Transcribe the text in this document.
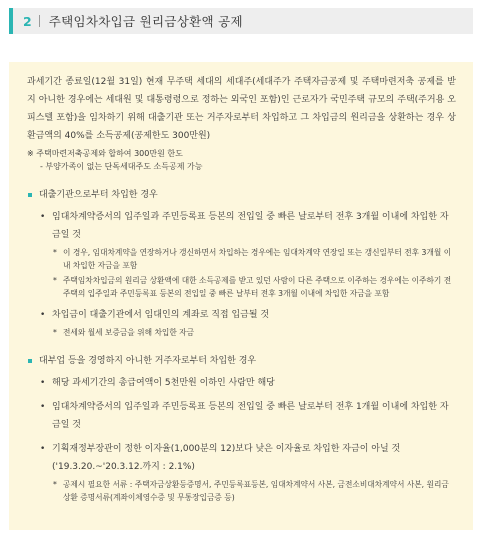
2 주택임차차입금 원리금상환액 공제

과세기간 종료일(12월 31일) 현재 무주택 세대의 세대주(세대주가 주택자금공제 및 주택마련저축 공제를 받지 아니한 경우에는 세대원 및 대통령령으로 정하는 외국인 포함)인 근로자가 국민주택 규모의 주택(주거용 오피스텔 포함)을 임차하기 위해 대출기관 또는 거주자로부터 차입하고 그 차입금의 원리금을 상환하는 경우 상환금액의 40%를 소득공제(공제한도 300만원)

※ 주택마련저축공제와 합하여 300만원 한도
- 부양가족이 없는 단독세대주도 소득공제 가능
대출기관으로부터 차입한 경우
• 임대차계약증서의 입주일과 주민등록표 등본의 전입일 중 빠른 날로부터 전후 3개월 이내에 차입한 자금일 것
* 이 경우, 임대차계약을 연장하거나 갱신하면서 차입하는 경우에는 임대차계약 연장일 또는 갱신일부터 전후 3개월 이내 차입한 자금을 포함
* 주택임차차입금의 원리금 상환액에 대한 소득공제를 받고 있던 사람이 다른 주택으로 이주하는 경우에는 이주하기 전 주택의 입주일과 주민등록표 등본의 전입일 중 빠른 날부터 전후 3개월 이내에 차입한 자금을 포함
• 차입금이 대출기관에서 임대인의 계좌로 직접 입금될 것
* 전세와 월세 보증금을 위해 차입한 자금
대부업 등을 경영하지 아니한 거주자로부터 차입한 경우
• 해당 과세기간의 총급여액이 5천만원 이하인 사람만 해당
• 임대차계약증서의 입주일과 주민등록표 등본의 전입일 중 빠른 날로부터 전후 1개월 이내에 차입한 자금일 것
• 기획재정부장관이 정한 이자율(1,000분의 12)보다 낮은 이자율로 차입한 자금이 아닐 것 ('19.3.20.~'20.3.12.까지 : 2.1%)
* 공제시 필요한 서류 : 주택자금상환등증명서, 주민등록표등본, 임대차계약서 사본, 금전소비대차계약서 사본, 원리금 상환 증명서류(계좌이체영수증 및 무통장입금증 등)
